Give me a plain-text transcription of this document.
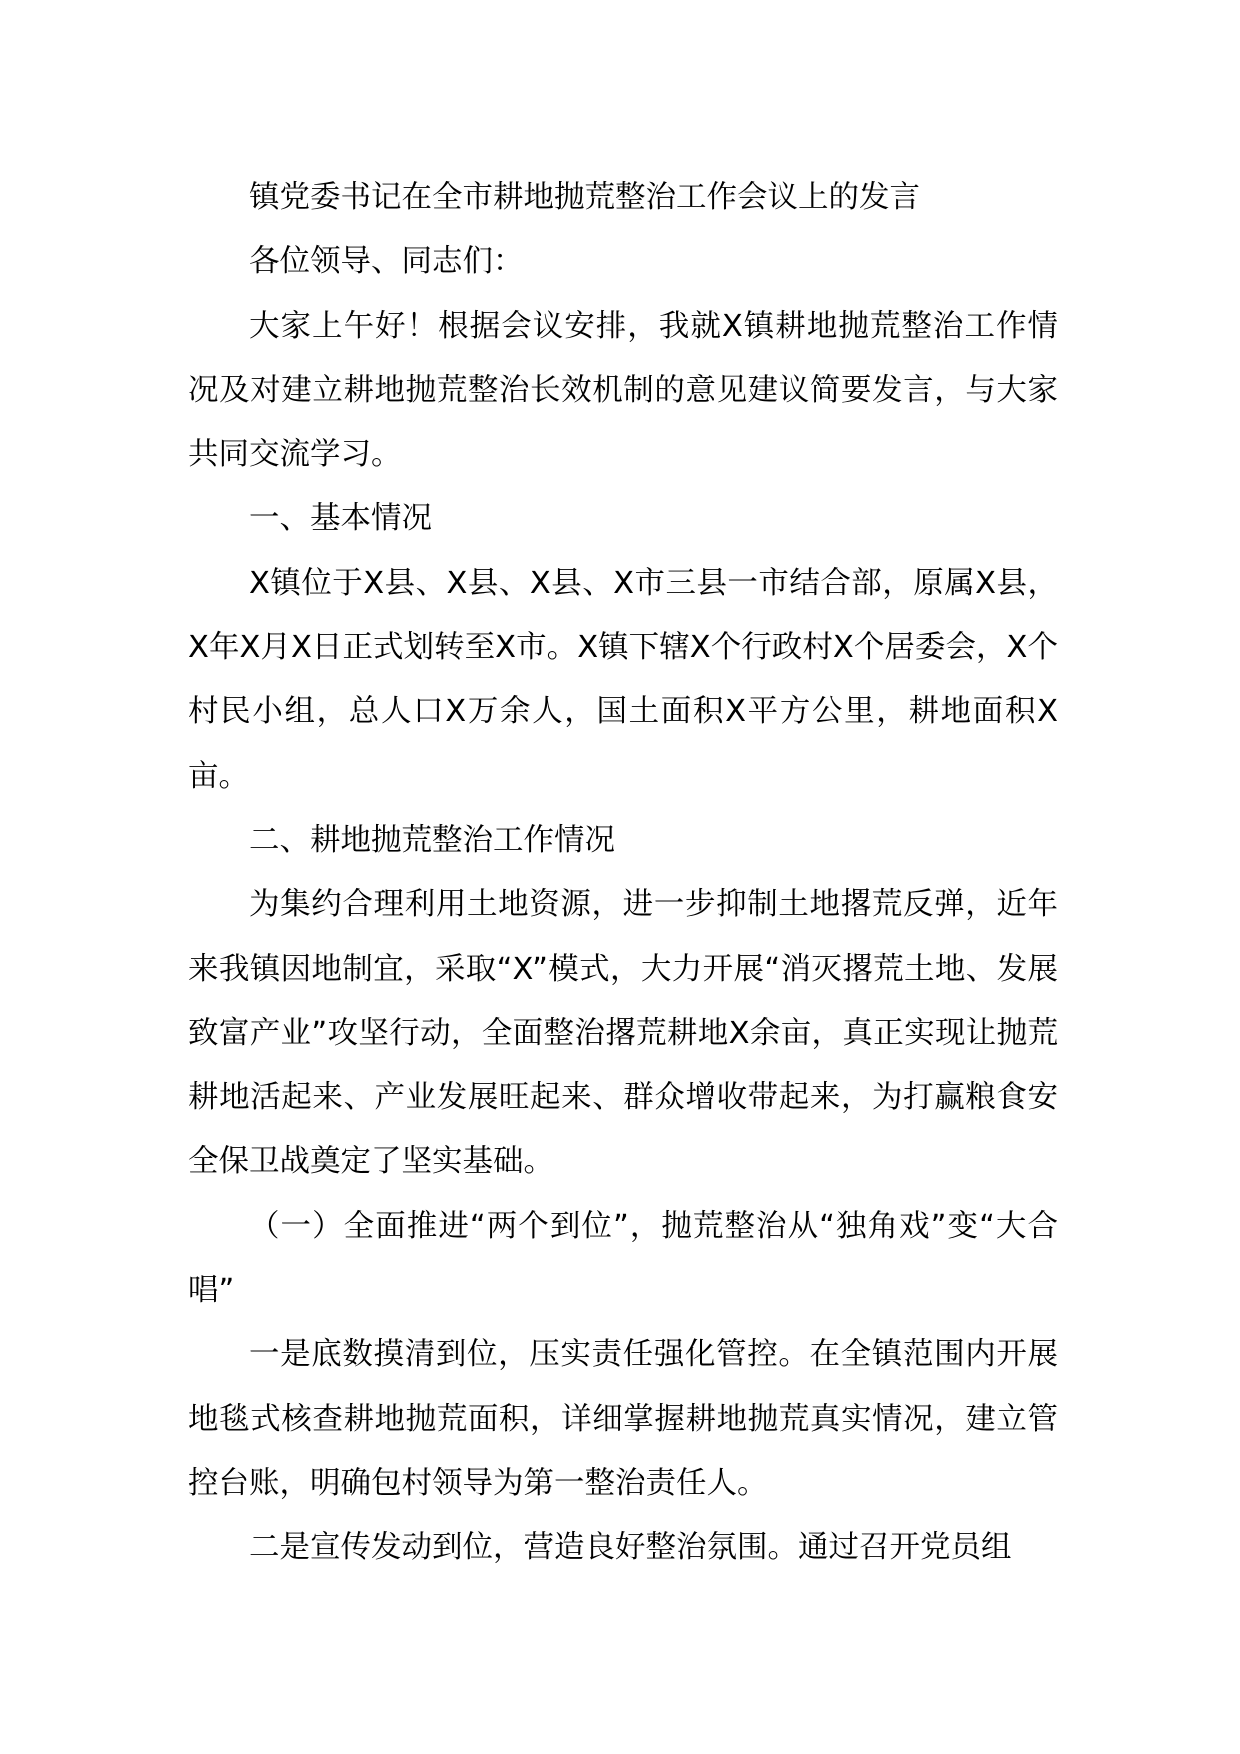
镇党委书记在全市耕地抛荒整治工作会议上的发言

各位领导、同志们：

大家上午好！根据会议安排，我就X镇耕地抛荒整治工作情况及对建立耕地抛荒整治长效机制的意见建议简要发言，与大家共同交流学习。

一、基本情况

X镇位于X县、X县、X县、X市三县一市结合部，原属X县，X年X月X日正式划转至X市。X镇下辖X个行政村X个居委会，X个村民小组，总人口X万余人，国土面积X平方公里，耕地面积X亩。

二、耕地抛荒整治工作情况

为集约合理利用土地资源，进一步抑制土地撂荒反弹，近年来我镇因地制宜，采取“X”模式，大力开展“消灭撂荒土地、发展致富产业”攻坚行动，全面整治撂荒耕地X余亩，真正实现让抛荒耕地活起来、产业发展旺起来、群众增收带起来，为打赢粮食安全保卫战奠定了坚实基础。

（一）全面推进“两个到位”，抛荒整治从“独角戏”变“大合唱”

一是底数摸清到位，压实责任强化管控。在全镇范围内开展地毯式核查耕地抛荒面积，详细掌握耕地抛荒真实情况，建立管控台账，明确包村领导为第一整治责任人。

二是宣传发动到位，营造良好整治氛围。通过召开党员组
